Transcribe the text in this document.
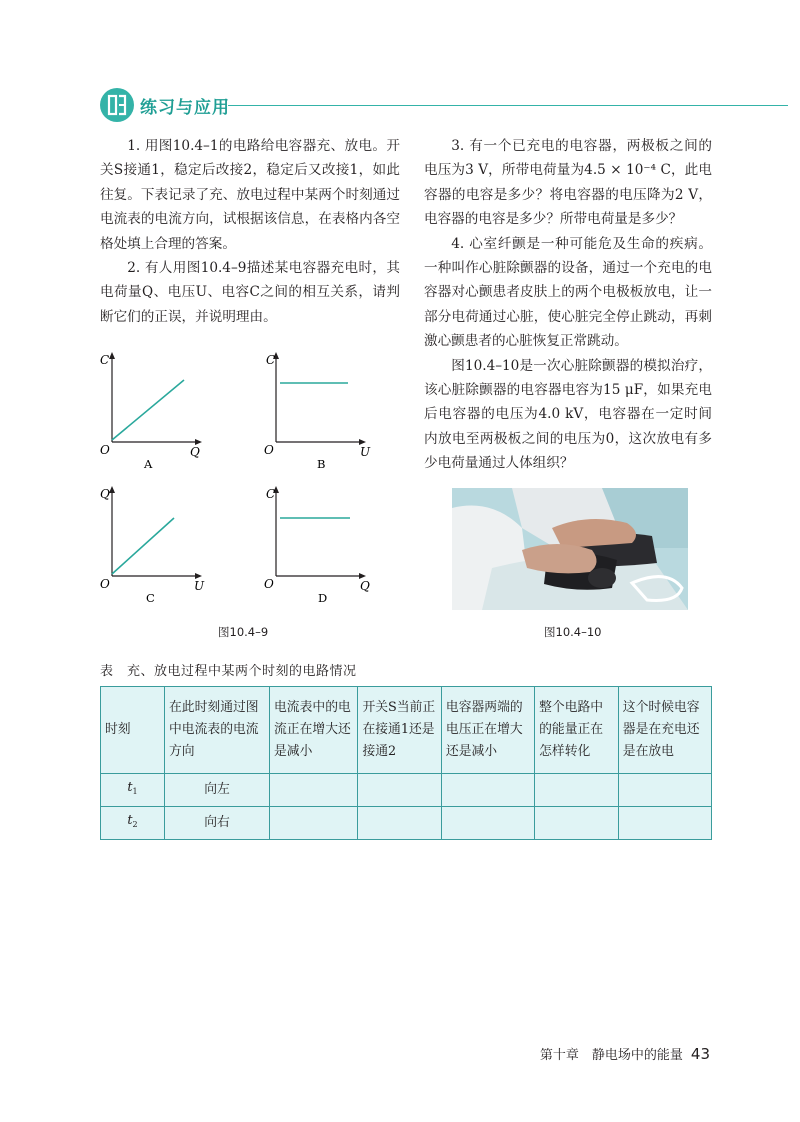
练习与应用

1. 用图10.4–1的电路给电容器充、放电。开关S接通1，稳定后改接2，稳定后又改接1，如此往复。下表记录了充、放电过程中某两个时刻通过电流表的电流方向，试根据该信息，在表格内各空格处填上合理的答案。

2. 有人用图10.4–9描述某电容器充电时，其电荷量Q、电压U、电容C之间的相互关系，请判断它们的正误，并说明理由。

3. 有一个已充电的电容器，两极板之间的电压为3 V，所带电荷量为4.5 × 10⁻⁴ C，此电容器的电容是多少？将电容器的电压降为2 V，电容器的电容是多少？所带电荷量是多少？

4. 心室纤颤是一种可能危及生命的疾病。一种叫作心脏除颤器的设备，通过一个充电的电容器对心颤患者皮肤上的两个电极板放电，让一部分电荷通过心脏，使心脏完全停止跳动，再刺激心颤患者的心脏恢复正常跳动。

图10.4–10是一次心脏除颤器的模拟治疗，该心脏除颤器的电容器电容为15 μF，如果充电后电容器的电压为4.0 kV，电容器在一定时间内放电至两极板之间的电压为0，这次放电有多少电荷量通过人体组织？

C
O	Q
A
C
O	U
B
Q
O	U
C
C
O	Q
D
图10.4–9	图10.4–10
表　充、放电过程中某两个时刻的电路情况
时刻	在此时刻通过图中电流表的电流方向	电流表中的电流正在增大还是减小	开关S当前正在接通1还是接通2	电容器两端的电压正在增大还是减小	整个电路中的能量正在怎样转化	这个时候电容器是在充电还是在放电
$t_1$	向左					
$t_2$	向右					
第十章　静电场中的能量 43
